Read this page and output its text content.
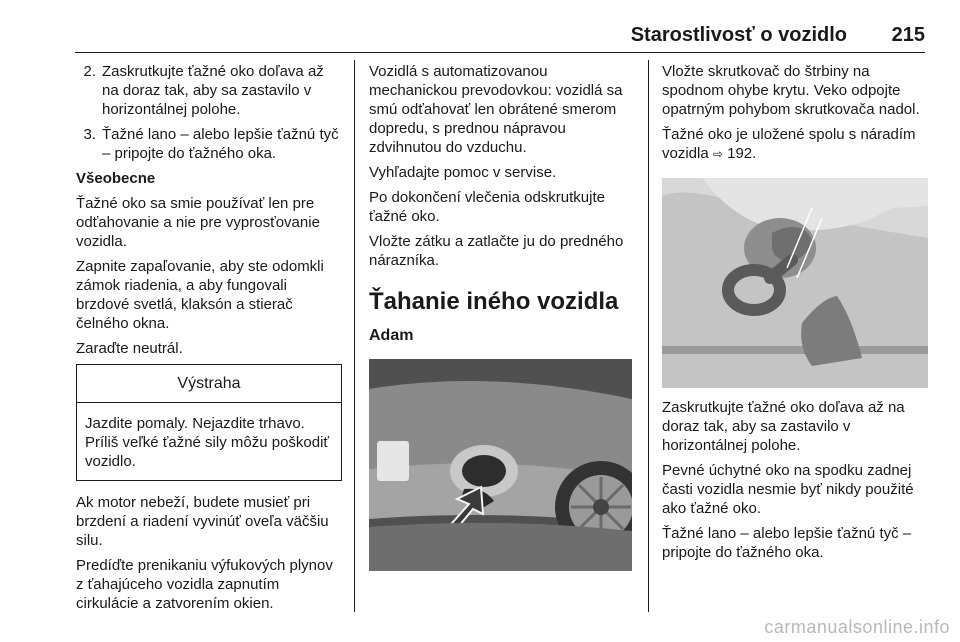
Starostlivosť o vozidlo 215
2. Zaskrutkujte ťažné oko doľava až na doraz tak, aby sa zastavilo v horizontálnej polohe.
3. Ťažné lano – alebo lepšie ťažnú tyč – pripojte do ťažného oka.

Všeobecne

Ťažné oko sa smie používať len pre odťahovanie a nie pre vyprosťovanie vozidla.

Zapnite zapaľovanie, aby ste odomkli zámok riadenia, a aby fungovali brzdové svetlá, klaksón a stierač čelného okna.

Zaraďte neutrál.

Výstraha
Jazdite pomaly. Nejazdite trhavo. Príliš veľké ťažné sily môžu poškodiť vozidlo.

Ak motor nebeží, budete musieť pri brzdení a riadení vyvinúť oveľa väčšiu silu.

Predíďte prenikaniu výfukových plynov z ťahajúceho vozidla zapnutím cirkulácie a zatvorením okien.

Vozidlá s automatizovanou mechanickou prevodovkou: vozidlá sa smú odťahovať len obrátené smerom dopredu, s prednou nápravou zdvihnutou do vzduchu.

Vyhľadajte pomoc v servise.

Po dokončení vlečenia odskrutkujte ťažné oko.

Vložte zátku a zatlačte ju do predného nárazníka.

Ťahanie iného vozidla
Adam

Vložte skrutkovač do štrbiny na spodnom ohybe krytu. Veko odpojte opatrným pohybom skrutkovača nadol.

Ťažné oko je uložené spolu s náradím vozidla ⇨ 192.

Zaskrutkujte ťažné oko doľava až na doraz tak, aby sa zastavilo v horizontálnej polohe.

Pevné úchytné oko na spodku zadnej časti vozidla nesmie byť nikdy použité ako ťažné oko.

Ťažné lano – alebo lepšie ťažnú tyč – pripojte do ťažného oka.

carmanualsonline.info
